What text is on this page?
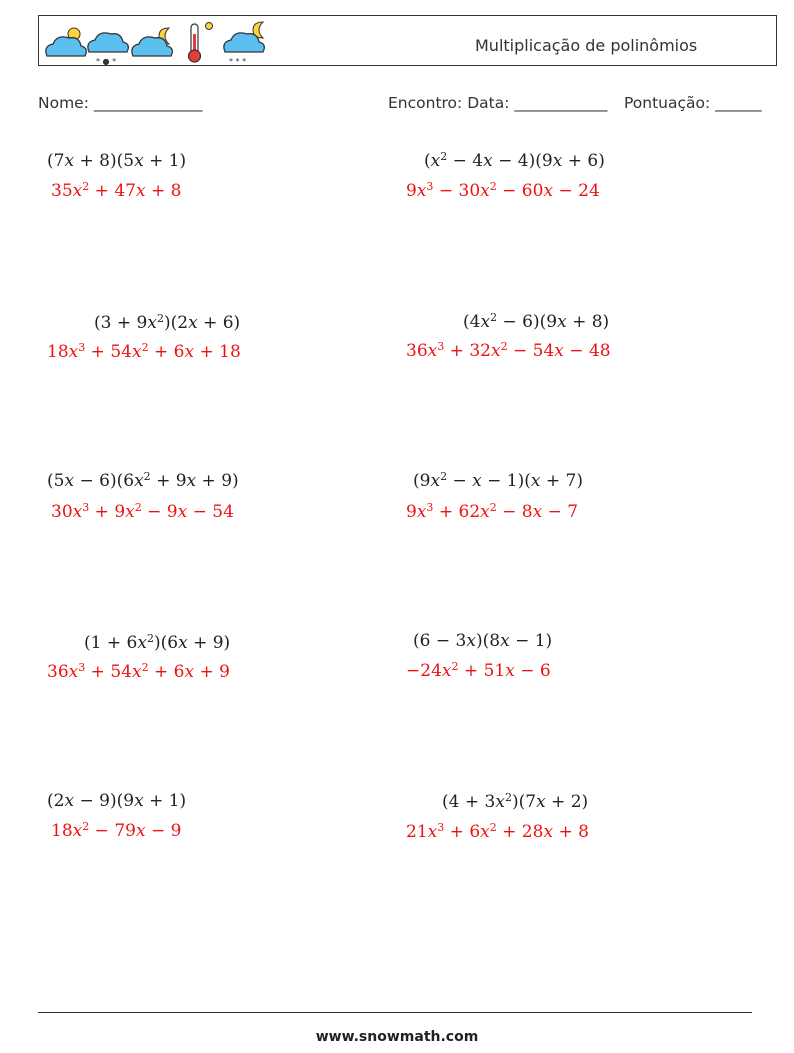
* ● *	* * *
Multiplicação de polinômios
Nome: ______________	Encontro: Data: ____________ Pontuação: ______
(7x + 8)(5x + 1)
$35x^2 + 47x + 8$
$(x^2 - 4x - 4)(9x + 6)$
$9x^3 - 30x^2 - 60x - 24$
$(3 + 9x^2)(2x + 6)$
$18x^3 + 54x^2 + 6x + 18$
$(4x^2 - 6)(9x + 8)$
$36x^3 + 32x^2 - 54x - 48$
$(5x - 6)(6x^2 + 9x + 9)$
$30x^3 + 9x^2 - 9x - 54$
$(9x^2 - x - 1)(x + 7)$
$9x^3 + 62x^2 - 8x - 7$
$(1 + 6x^2)(6x + 9)$
$36x^3 + 54x^2 + 6x + 9$
(6 − 3x)(8x − 1)
$-24x^2 + 51x - 6$
(2x − 9)(9x + 1)
$18x^2 - 79x - 9$
$(4 + 3x^2)(7x + 2)$
$21x^3 + 6x^2 + 28x + 8$
www.snowmath.com
